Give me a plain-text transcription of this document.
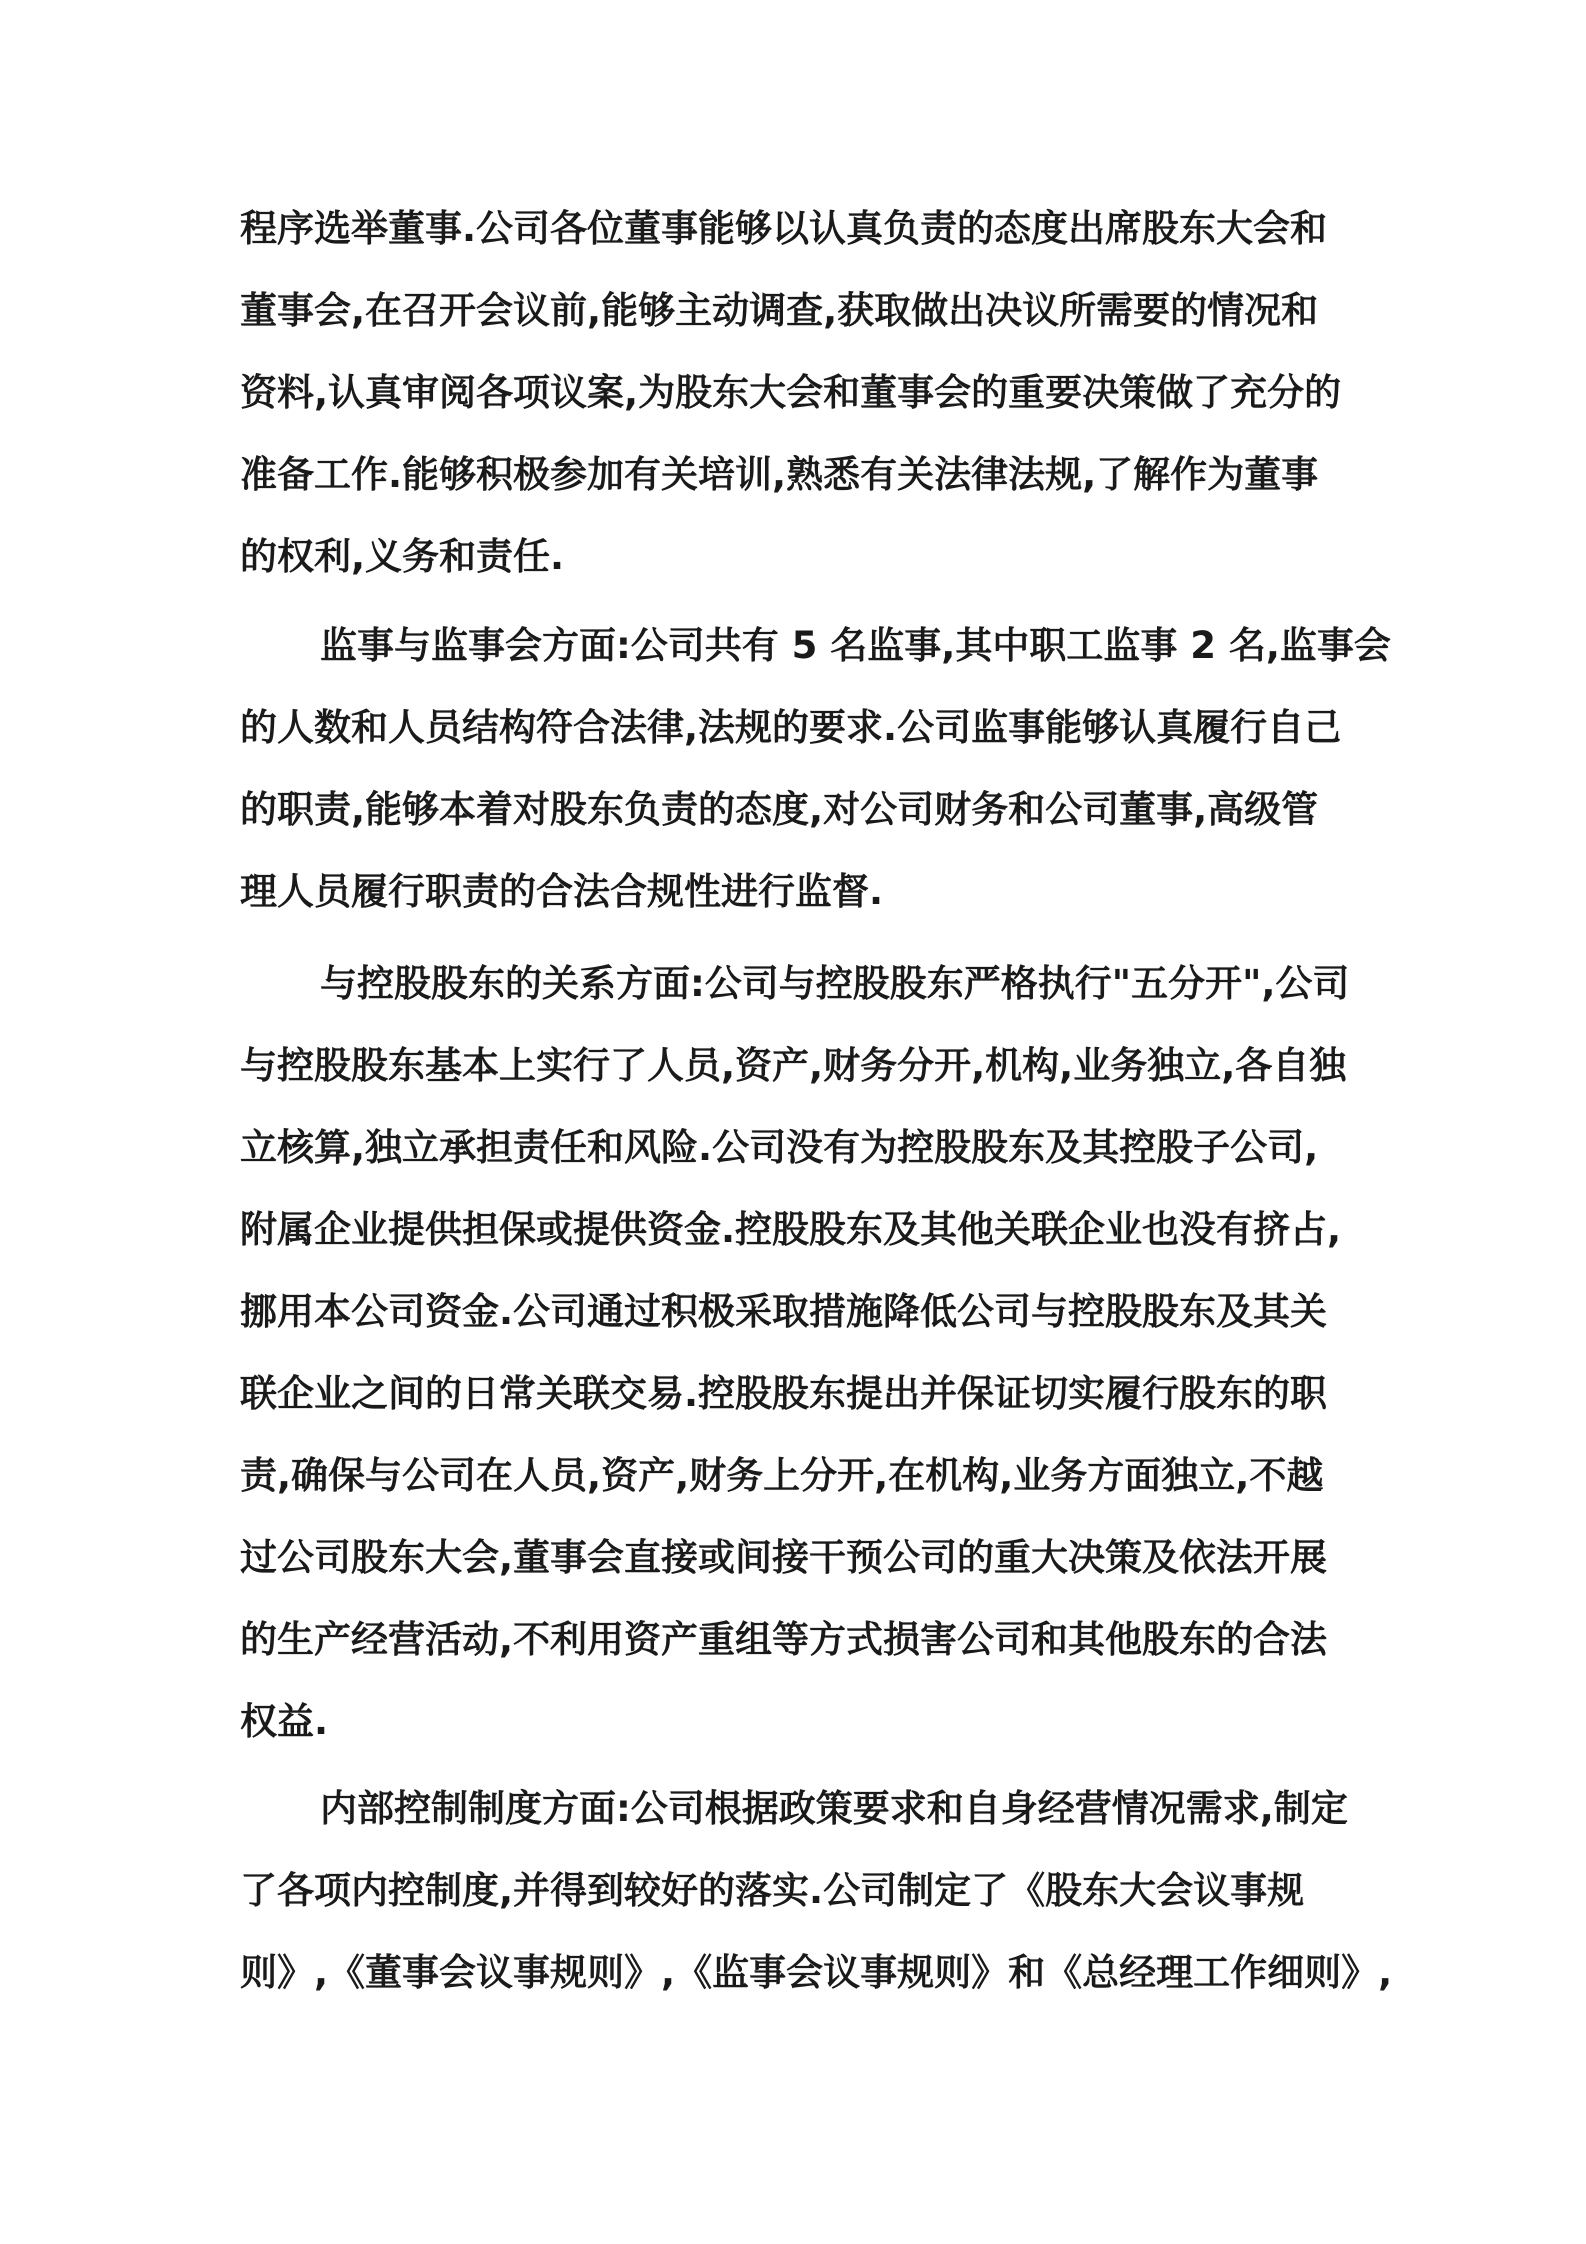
程序选举董事.公司各位董事能够以认真负责的态度出席股东大会和
董事会,在召开会议前,能够主动调查,获取做出决议所需要的情况和
资料,认真审阅各项议案,为股东大会和董事会的重要决策做了充分的
准备工作.能够积极参加有关培训,熟悉有关法律法规,了解作为董事
的权利,义务和责任.
监事与监事会方面:公司共有 5 名监事,其中职工监事 2 名,监事会
的人数和人员结构符合法律,法规的要求.公司监事能够认真履行自己
的职责,能够本着对股东负责的态度,对公司财务和公司董事,高级管
理人员履行职责的合法合规性进行监督.
与控股股东的关系方面:公司与控股股东严格执行"五分开",公司
与控股股东基本上实行了人员,资产,财务分开,机构,业务独立,各自独
立核算,独立承担责任和风险.公司没有为控股股东及其控股子公司,
附属企业提供担保或提供资金.控股股东及其他关联企业也没有挤占,
挪用本公司资金.公司通过积极采取措施降低公司与控股股东及其关
联企业之间的日常关联交易.控股股东提出并保证切实履行股东的职
责,确保与公司在人员,资产,财务上分开,在机构,业务方面独立,不越
过公司股东大会,董事会直接或间接干预公司的重大决策及依法开展
的生产经营活动,不利用资产重组等方式损害公司和其他股东的合法
权益.
内部控制制度方面:公司根据政策要求和自身经营情况需求,制定
了各项内控制度,并得到较好的落实.公司制定了《股东大会议事规
则》,《董事会议事规则》,《监事会议事规则》和《总经理工作细则》,
